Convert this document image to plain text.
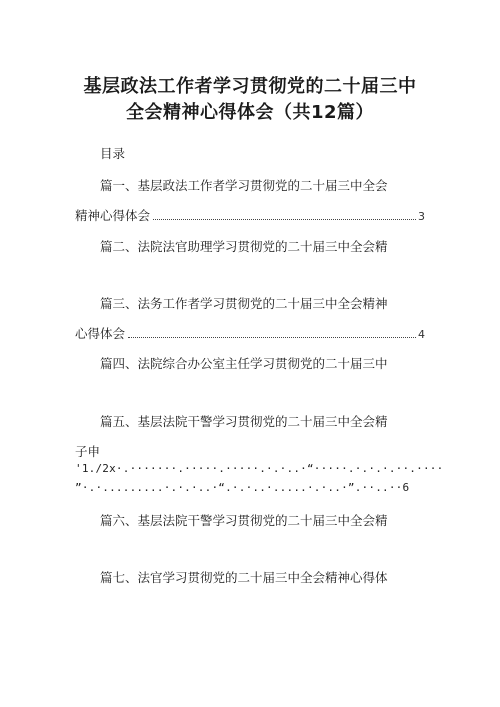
基层政法工作者学习贯彻党的二十届三中
全会精神心得体会（共12篇）
目录
篇一、基层政法工作者学习贯彻党的二十届三中全会
精神心得体会	3
篇二、法院法官助理学习贯彻党的二十届三中全会精
篇三、法务工作者学习贯彻党的二十届三中全会精神
心得体会	4
篇四、法院综合办公室主任学习贯彻党的二十届三中
篇五、基层法院干警学习贯彻党的二十届三中全会精
子申
'1./2x·.·······.·····.·····.·.·..·“·····.·.·.·.··.····
”·.·.........·.·.·..·“.·.·..·.....·.·..·”.··..··6
篇六、基层法院干警学习贯彻党的二十届三中全会精
篇七、法官学习贯彻党的二十届三中全会精神心得体
